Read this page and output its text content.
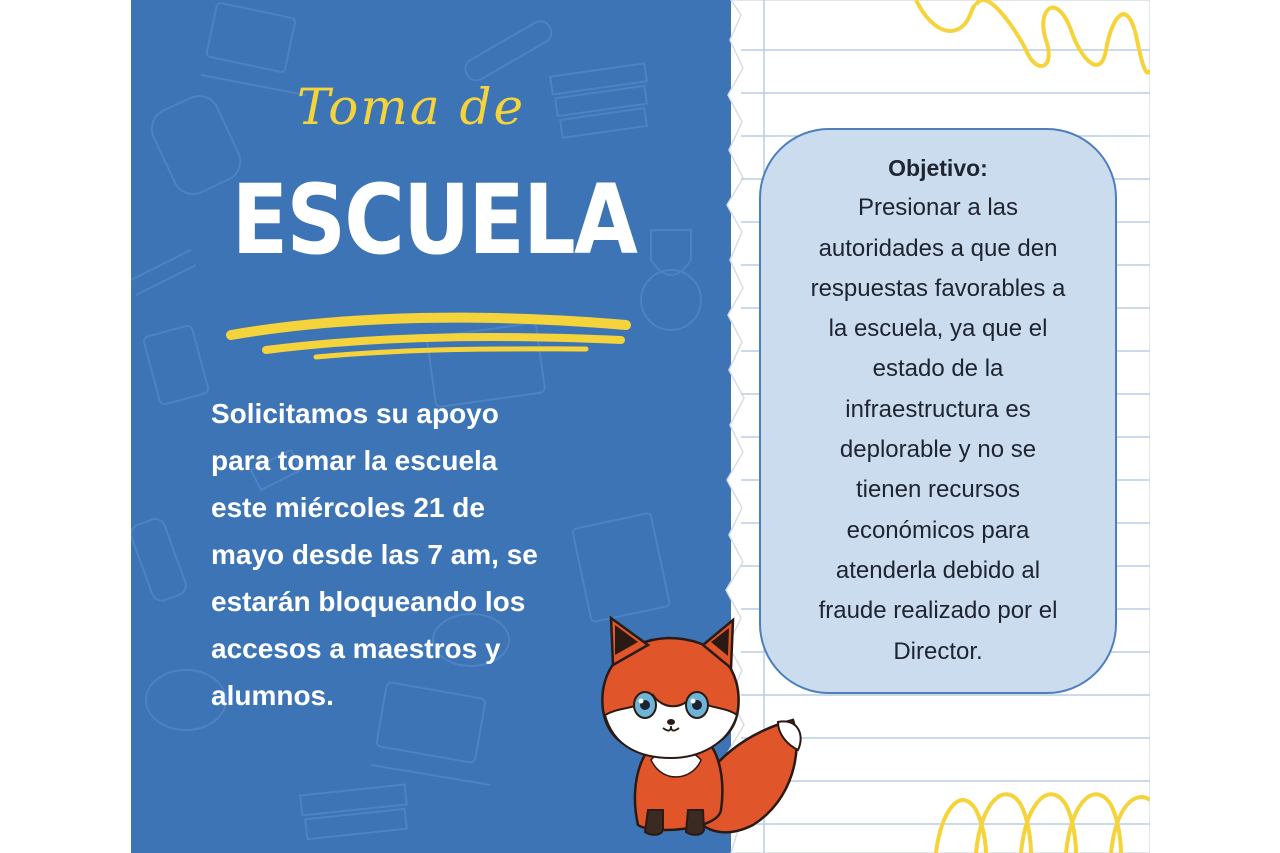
Toma de
ESCUELA
Solicitamos su apoyo
para tomar la escuela
este miércoles 21 de
mayo desde las 7 am, se
estarán bloqueando los
accesos a maestros y
alumnos.
Objetivo:
Presionar a las
autoridades a que den
respuestas favorables a
la escuela, ya que el
estado de la
infraestructura es
deplorable y no se
tienen recursos
económicos para
atenderla debido al
fraude realizado por el
Director.
